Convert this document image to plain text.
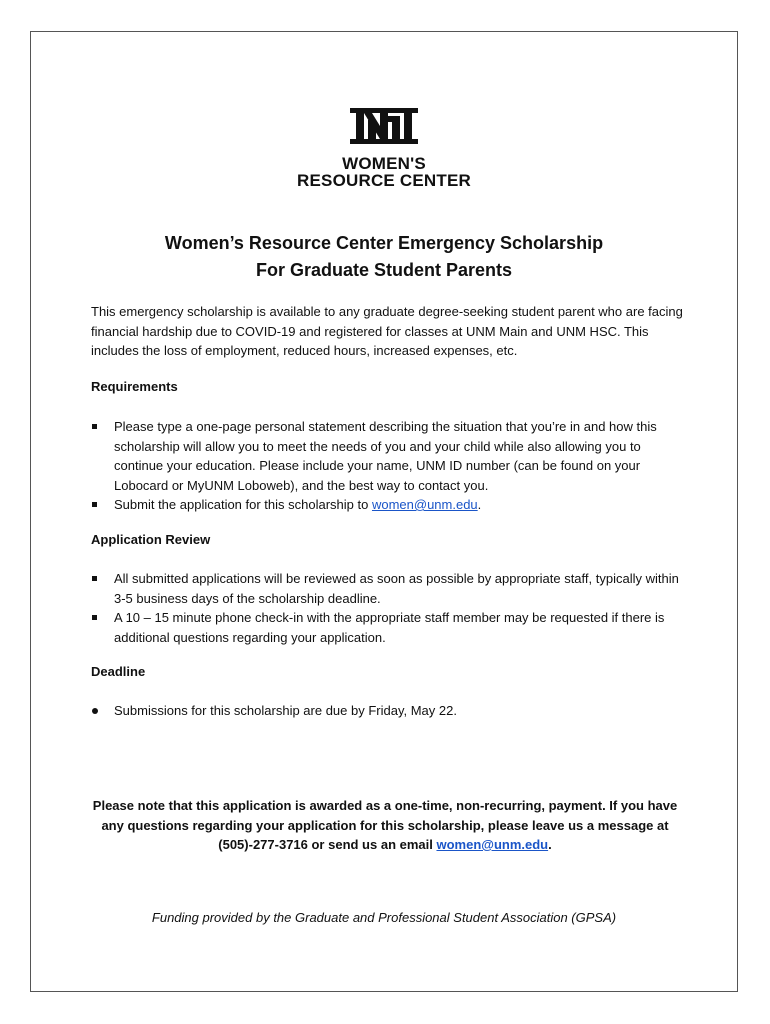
WOMEN'S
RESOURCE CENTER
Women’s Resource Center Emergency Scholarship
For Graduate Student Parents
This emergency scholarship is available to any graduate degree-seeking student parent who are facing financial hardship due to COVID-19 and registered for classes at UNM Main and UNM HSC. This includes the loss of employment, reduced hours, increased expenses, etc.
Requirements
Please type a one-page personal statement describing the situation that you’re in and how this scholarship will allow you to meet the needs of you and your child while also allowing you to continue your education. Please include your name, UNM ID number (can be found on your Lobocard or MyUNM Loboweb), and the best way to contact you.
Submit the application for this scholarship to women@unm.edu.
Application Review
All submitted applications will be reviewed as soon as possible by appropriate staff, typically within 3-5 business days of the scholarship deadline.
A 10 – 15 minute phone check-in with the appropriate staff member may be requested if there is additional questions regarding your application.
Deadline
Submissions for this scholarship are due by Friday, May 22.
Please note that this application is awarded as a one-time, non-recurring, payment. If you have any questions regarding your application for this scholarship, please leave us a message at (505)-277-3716 or send us an email women@unm.edu.
Funding provided by the Graduate and Professional Student Association (GPSA)
